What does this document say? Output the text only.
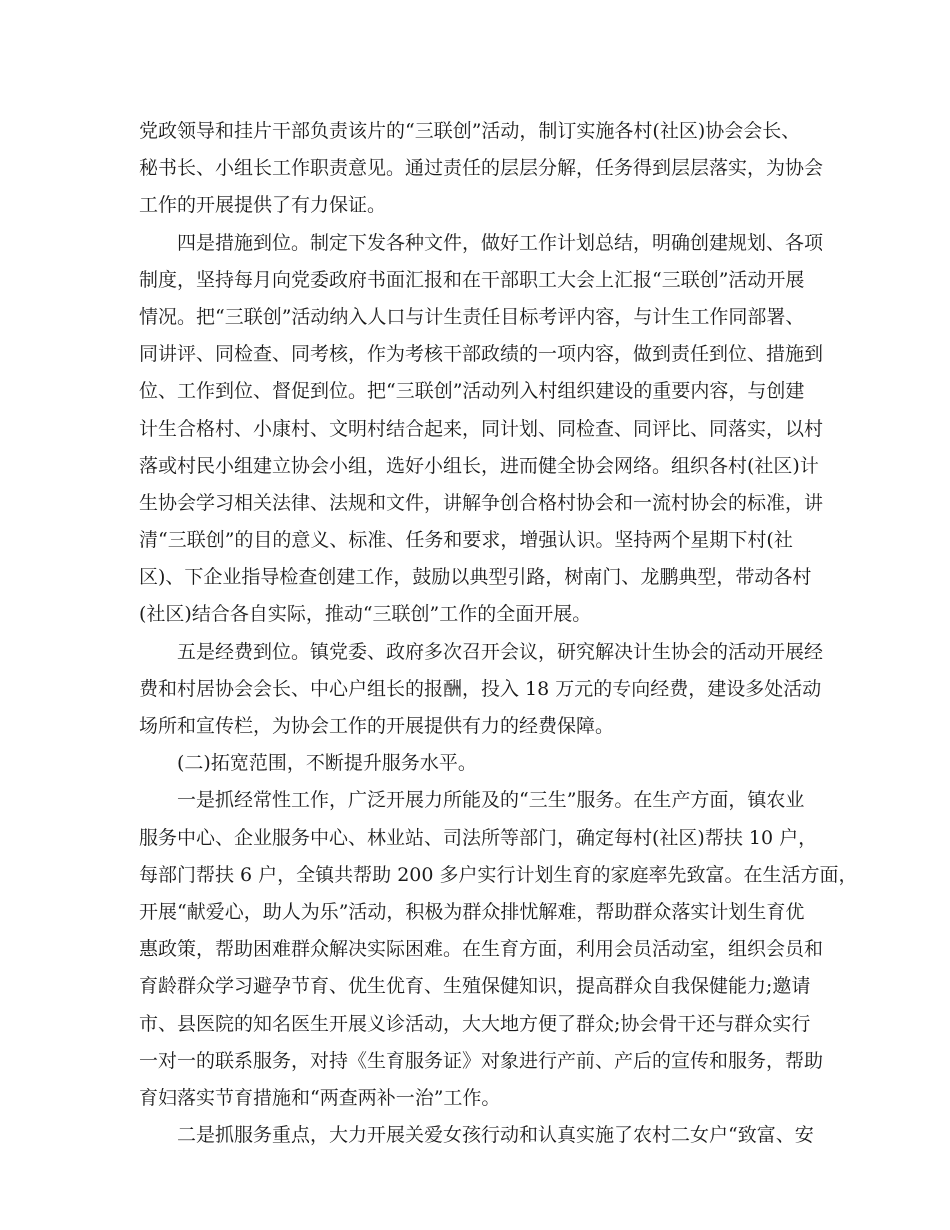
党政领导和挂片干部负责该片的“三联创”活动，制订实施各村(社区)协会会长、
秘书长、小组长工作职责意见。通过责任的层层分解，任务得到层层落实，为协会
工作的开展提供了有力保证。
四是措施到位。制定下发各种文件，做好工作计划总结，明确创建规划、各项
制度，坚持每月向党委政府书面汇报和在干部职工大会上汇报“三联创”活动开展
情况。把“三联创”活动纳入人口与计生责任目标考评内容，与计生工作同部署、
同讲评、同检查、同考核，作为考核干部政绩的一项内容，做到责任到位、措施到
位、工作到位、督促到位。把“三联创”活动列入村组织建设的重要内容，与创建
计生合格村、小康村、文明村结合起来，同计划、同检查、同评比、同落实，以村
落或村民小组建立协会小组，选好小组长，进而健全协会网络。组织各村(社区)计
生协会学习相关法律、法规和文件，讲解争创合格村协会和一流村协会的标准，讲
清“三联创”的目的意义、标准、任务和要求，增强认识。坚持两个星期下村(社
区)、下企业指导检查创建工作，鼓励以典型引路，树南门、龙鹏典型，带动各村
(社区)结合各自实际，推动“三联创”工作的全面开展。
五是经费到位。镇党委、政府多次召开会议，研究解决计生协会的活动开展经
费和村居协会会长、中心户组长的报酬，投入 18 万元的专向经费，建设多处活动
场所和宣传栏，为协会工作的开展提供有力的经费保障。
(二)拓宽范围，不断提升服务水平。
一是抓经常性工作，广泛开展力所能及的“三生”服务。在生产方面，镇农业
服务中心、企业服务中心、林业站、司法所等部门，确定每村(社区)帮扶 10 户，
每部门帮扶 6 户，全镇共帮助 200 多户实行计划生育的家庭率先致富。在生活方面，
开展“献爱心，助人为乐”活动，积极为群众排忧解难，帮助群众落实计划生育优
惠政策，帮助困难群众解决实际困难。在生育方面，利用会员活动室，组织会员和
育龄群众学习避孕节育、优生优育、生殖保健知识，提高群众自我保健能力;邀请
市、县医院的知名医生开展义诊活动，大大地方便了群众;协会骨干还与群众实行
一对一的联系服务，对持《生育服务证》对象进行产前、产后的宣传和服务，帮助
育妇落实节育措施和“两查两补一治”工作。
二是抓服务重点，大力开展关爱女孩行动和认真实施了农村二女户“致富、安
